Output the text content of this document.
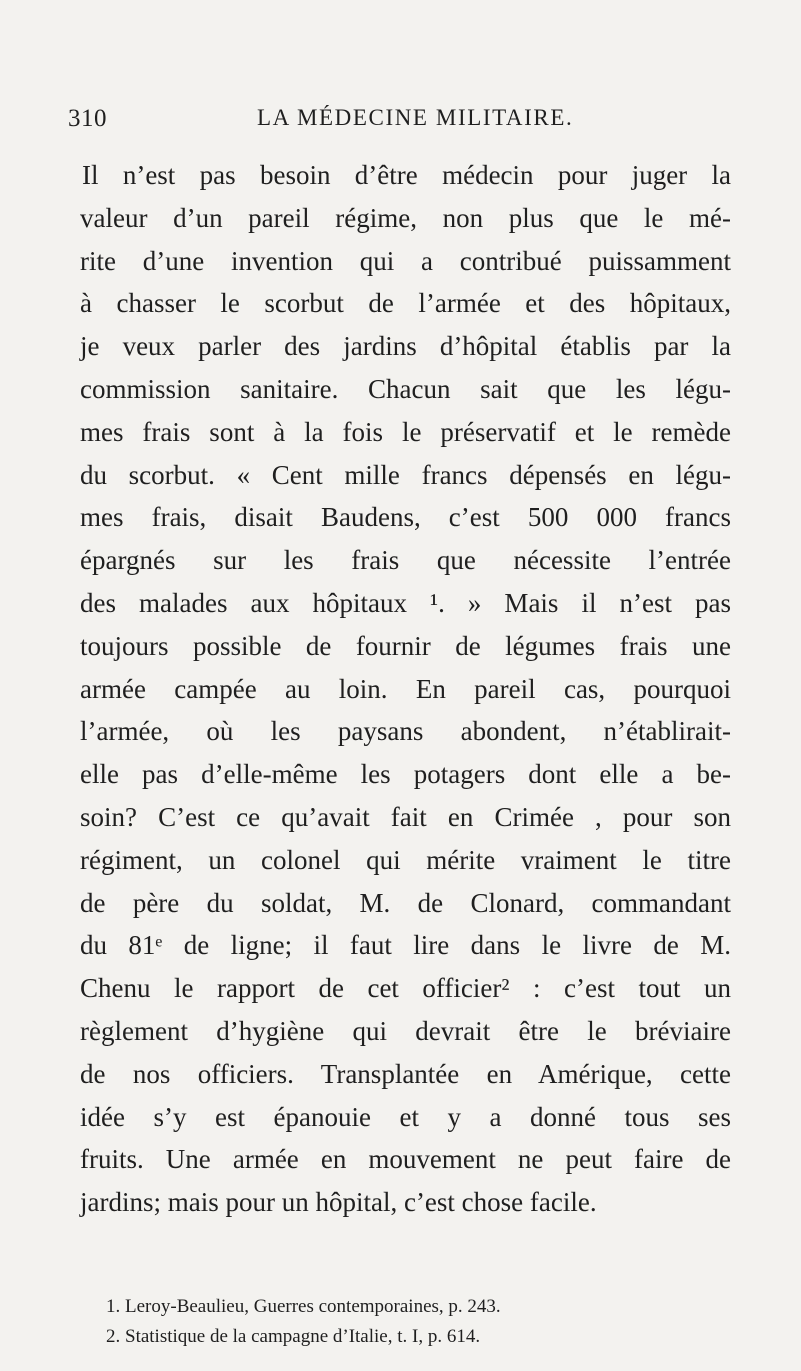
310	LA MÉDECINE MILITAIRE.
Il n’est pas besoin d’être médecin pour juger la
valeur d’un pareil régime, non plus que le mé-
rite d’une invention qui a contribué puissamment
à chasser le scorbut de l’armée et des hôpitaux,
je veux parler des jardins d’hôpital établis par la
commission sanitaire. Chacun sait que les légu-
mes frais sont à la fois le préservatif et le remède
du scorbut. « Cent mille francs dépensés en légu-
mes frais, disait Baudens, c’est 500 000 francs
épargnés sur les frais que nécessite l’entrée
des malades aux hôpitaux ¹. » Mais il n’est pas
toujours possible de fournir de légumes frais une
armée campée au loin. En pareil cas, pourquoi
l’armée, où les paysans abondent, n’établirait-
elle pas d’elle-même les potagers dont elle a be-
soin? C’est ce qu’avait fait en Crimée , pour son
régiment, un colonel qui mérite vraiment le titre
de père du soldat, M. de Clonard, commandant
du 81ᵉ de ligne; il faut lire dans le livre de M.
Chenu le rapport de cet officier² : c’est tout un
règlement d’hygiène qui devrait être le bréviaire
de nos officiers. Transplantée en Amérique, cette
idée s’y est épanouie et y a donné tous ses
fruits. Une armée en mouvement ne peut faire de
jardins; mais pour un hôpital, c’est chose facile.
1. Leroy-Beaulieu, Guerres contemporaines, p. 243.
2. Statistique de la campagne d’Italie, t. I, p. 614.
